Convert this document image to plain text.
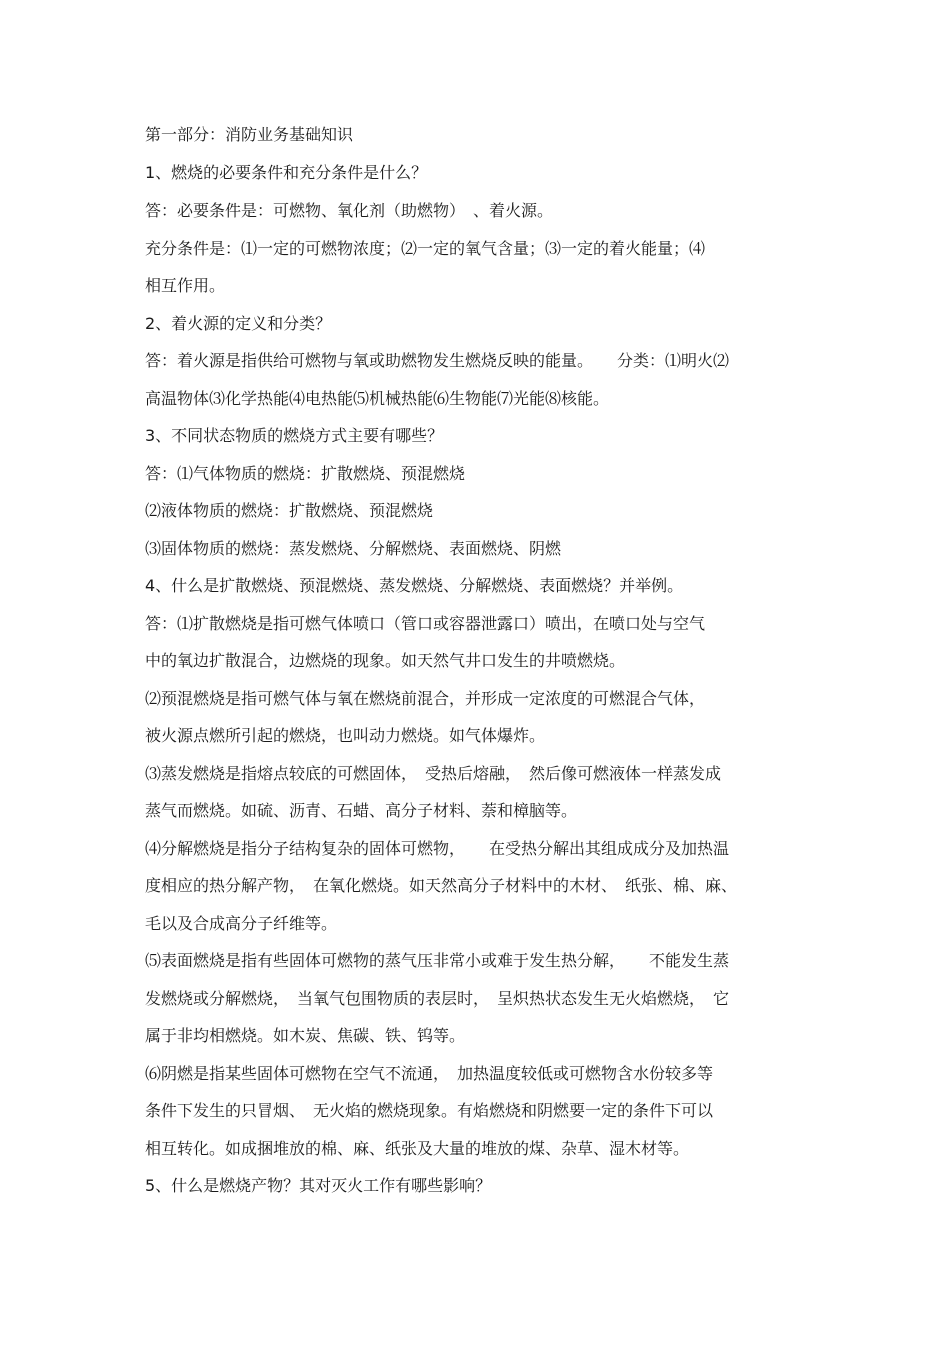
第一部分：消防业务基础知识
1、燃烧的必要条件和充分条件是什么？
答：必要条件是：可燃物、氧化剂（助燃物）　、着火源。
充分条件是：⑴一定的可燃物浓度；⑵一定的氧气含量；⑶一定的着火能量；⑷
相互作用。
2、着火源的定义和分类？
答：着火源是指供给可燃物与氧或助燃物发生燃烧反映的能量。　　分类：⑴明火⑵
高温物体⑶化学热能⑷电热能⑸机械热能⑹生物能⑺光能⑻核能。
3、不同状态物质的燃烧方式主要有哪些？
答：⑴气体物质的燃烧：扩散燃烧、预混燃烧
⑵液体物质的燃烧：扩散燃烧、预混燃烧
⑶固体物质的燃烧：蒸发燃烧、分解燃烧、表面燃烧、阴燃
4、什么是扩散燃烧、预混燃烧、蒸发燃烧、分解燃烧、表面燃烧？并举例。
答：⑴扩散燃烧是指可燃气体喷口（管口或容器泄露口）喷出，在喷口处与空气
中的氧边扩散混合，边燃烧的现象。如天然气井口发生的井喷燃烧。
⑵预混燃烧是指可燃气体与氧在燃烧前混合，并形成一定浓度的可燃混合气体，
被火源点燃所引起的燃烧，也叫动力燃烧。如气体爆炸。
⑶蒸发燃烧是指熔点较底的可燃固体，　受热后熔融，　然后像可燃液体一样蒸发成
蒸气而燃烧。如硫、沥青、石蜡、高分子材料、萘和樟脑等。
⑷分解燃烧是指分子结构复杂的固体可燃物，　　在受热分解出其组成成分及加热温
度相应的热分解产物，　在氧化燃烧。如天然高分子材料中的木材、　纸张、棉、麻、
毛以及合成高分子纤维等。
⑸表面燃烧是指有些固体可燃物的蒸气压非常小或难于发生热分解，　　不能发生蒸
发燃烧或分解燃烧，　当氧气包围物质的表层时，　呈炽热状态发生无火焰燃烧，　它
属于非均相燃烧。如木炭、焦碳、铁、钨等。
⑹阴燃是指某些固体可燃物在空气不流通，　加热温度较低或可燃物含水份较多等
条件下发生的只冒烟、　无火焰的燃烧现象。有焰燃烧和阴燃要一定的条件下可以
相互转化。如成捆堆放的棉、麻、纸张及大量的堆放的煤、杂草、湿木材等。
5、什么是燃烧产物？其对灭火工作有哪些影响？
